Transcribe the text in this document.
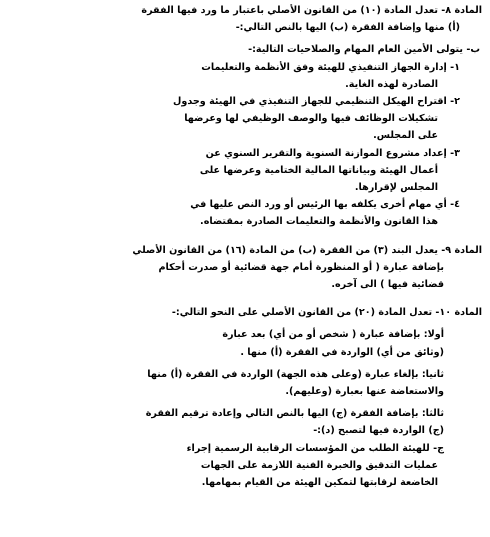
المادة ٨- تعدل المادة (١٠) من القانون الأصلي باعتبار ما ورد فيها الفقرة
(أ) منها وإضافة الفقرة (ب) اليها بالنص التالي:-
ب- يتولى الأمين العام المهام والصلاحيات التالية:-
١- إدارة الجهاز التنفيذي للهيئة وفق الأنظمة والتعليمات
الصادرة لهذه الغاية.
٢- اقتراح الهيكل التنظيمي للجهاز التنفيذي في الهيئة وجدول
تشكيلات الوظائف فيها والوصف الوظيفي لها وعرضها
على المجلس.
٣- إعداد مشروع الموازنة السنوية والتقرير السنوي عن
أعمال الهيئة وبياناتها المالية الختامية وعرضها على
المجلس لإقرارها.
٤- أي مهام أخرى يكلفه بها الرئيس أو ورد النص عليها في
هذا القانون والأنظمة والتعليمات الصادرة بمقتضاه.
المادة ٩- يعدل البند (٣) من الفقرة (ب) من المادة (١٦) من القانون الأصلي
بإضافة عبارة ( أو المنظورة أمام جهة قضائية أو صدرت أحكام
قضائية فيها ) الى آخره.
المادة ١٠- تعدل المادة (٢٠) من القانون الأصلي على النحو التالي:-
أولا: بإضافة عبارة ( شخص أو من أي) بعد عبارة
(وثائق من أي) الواردة في الفقرة (أ) منها .
ثانيا: بإلغاء عبارة (وعلى هذه الجهة) الواردة في الفقرة (أ) منها
والاستعاضة عنها بعبارة (وعليهم).
ثالثا: بإضافة الفقرة (ج) اليها بالنص التالي وإعادة ترقيم الفقرة
(ج) الواردة فيها لتصبح (د):-
ج- للهيئة الطلب من المؤسسات الرقابية الرسمية إجراء
عمليات التدقيق والخبرة الفنية اللازمة على الجهات
الخاضعة لرقابتها لتمكين الهيئة من القيام بمهامها.
